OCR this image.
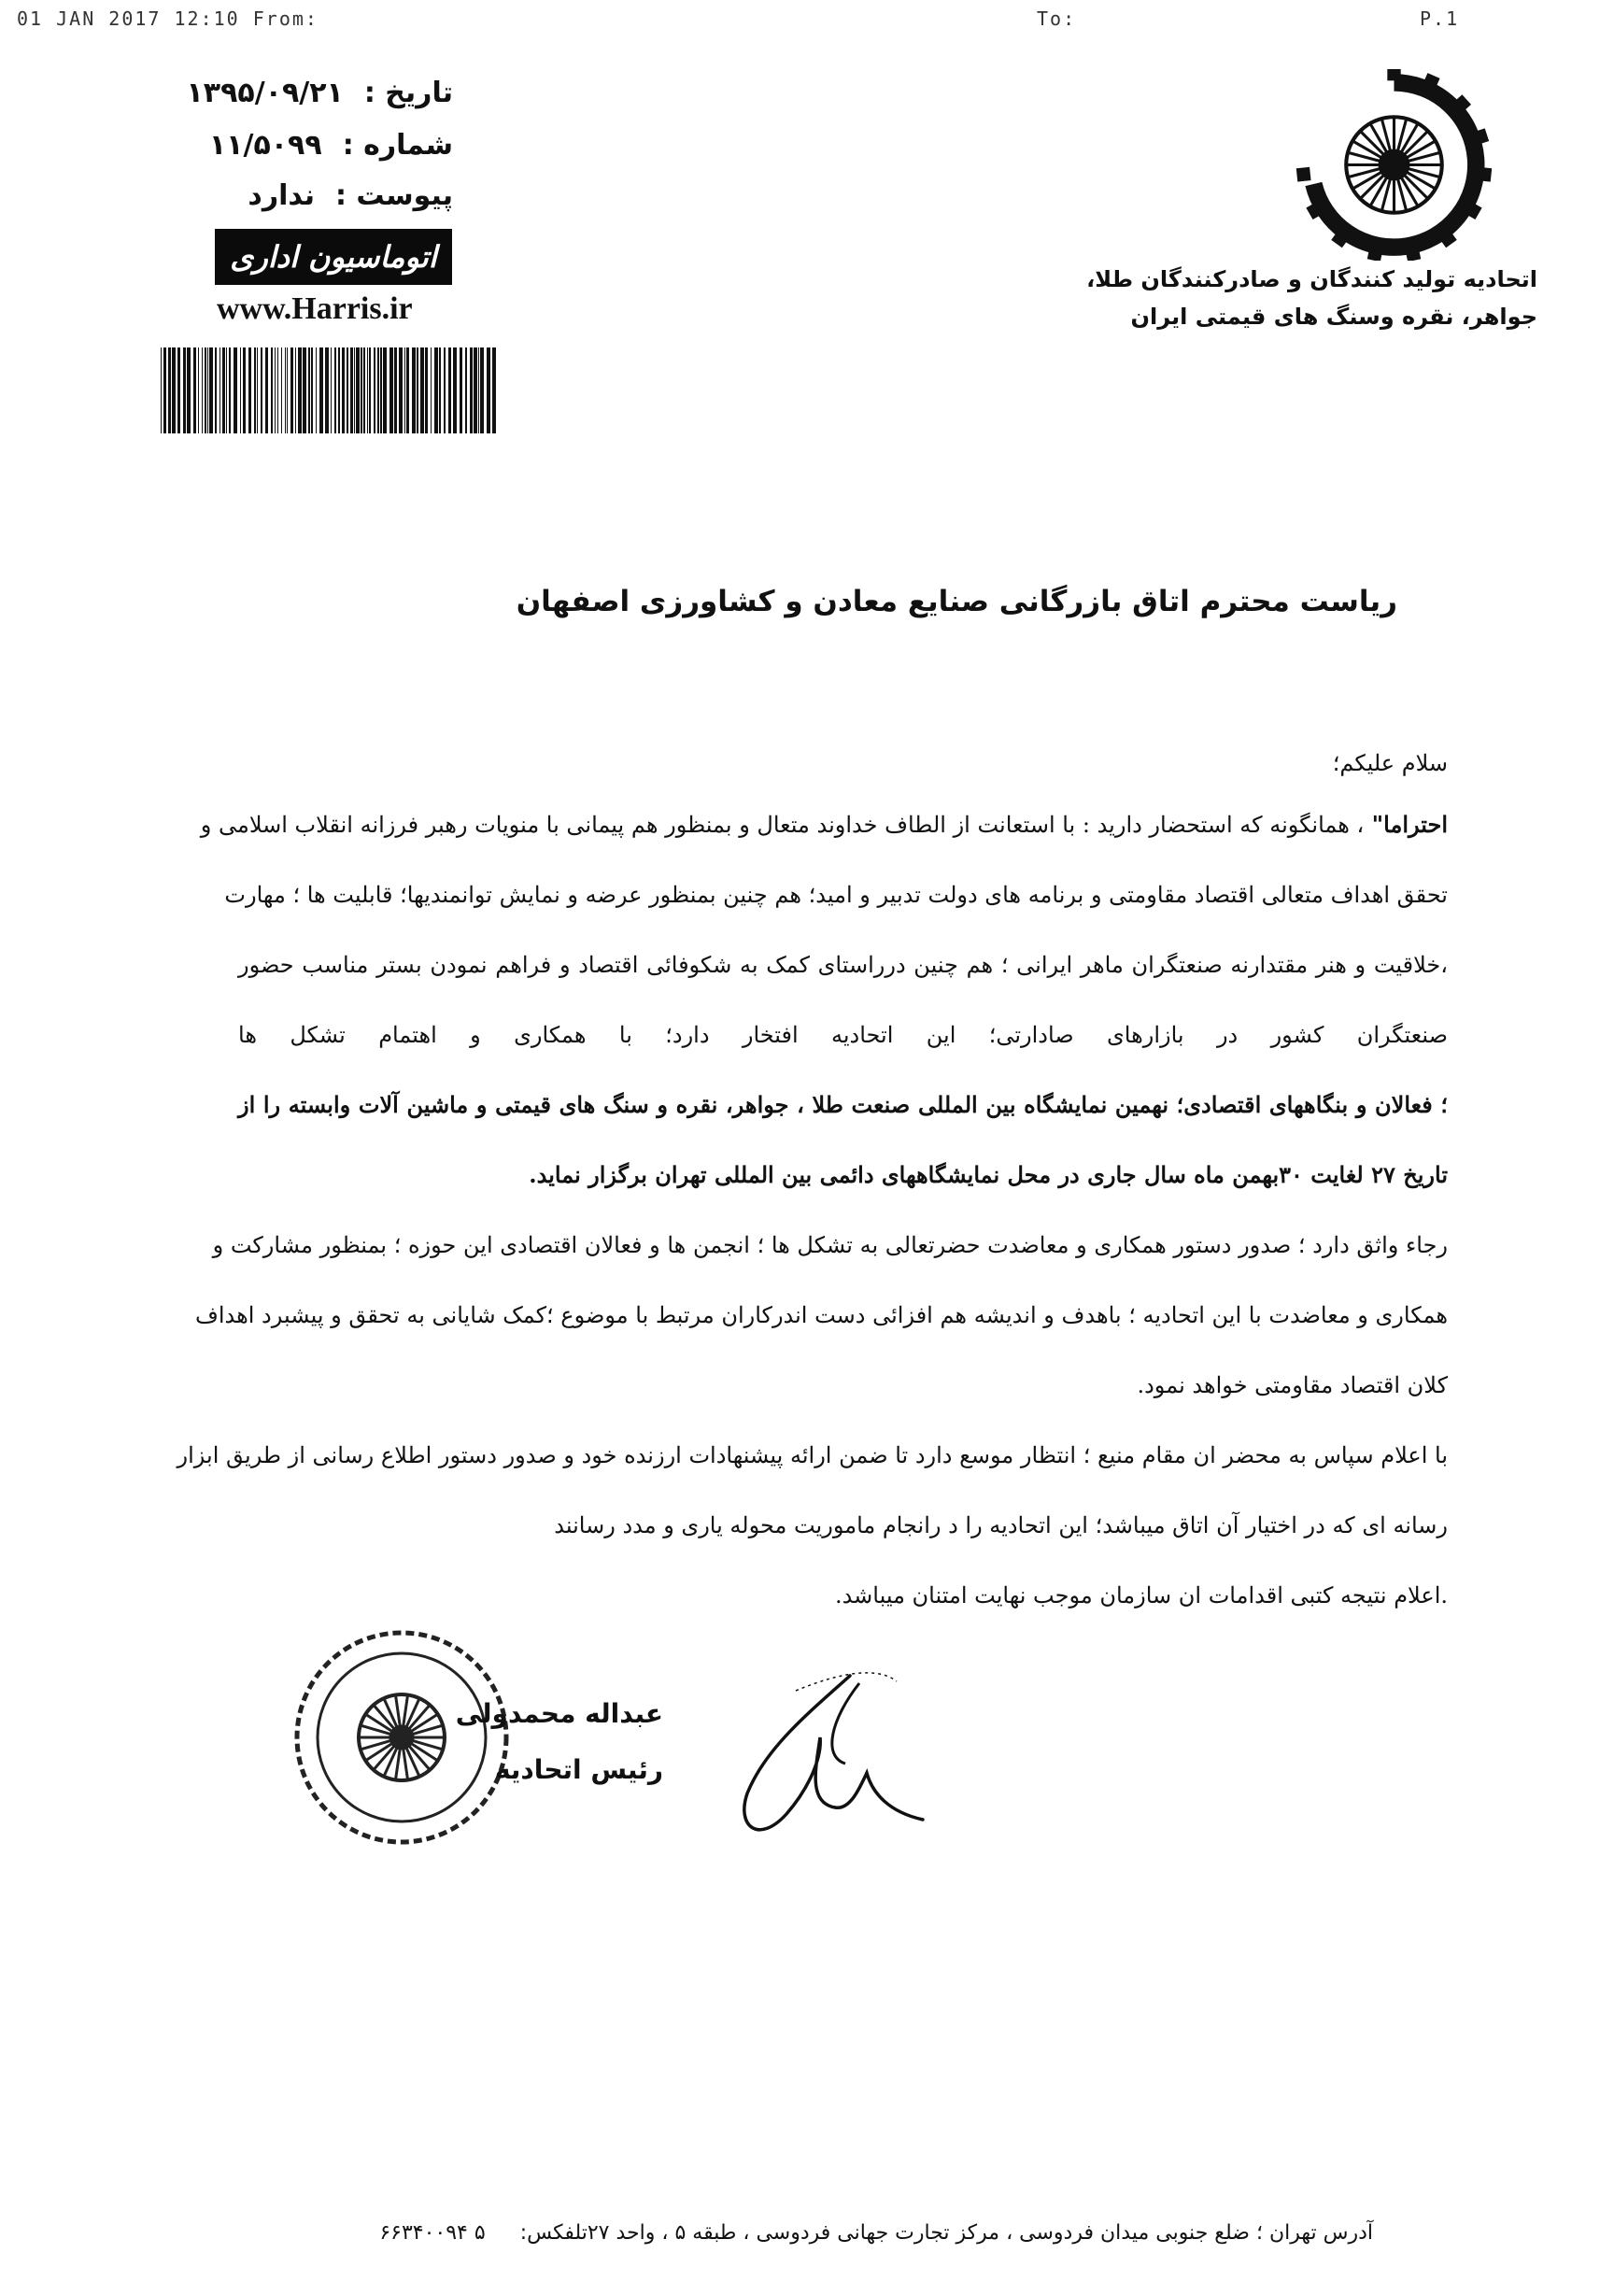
01 JAN 2017 12:10 From:	To:	P.1
تاریخ :۱۳۹۵/۰۹/۲۱
شماره :۱۱/۵۰۹۹
پیوست :ندارد
اتوماسیون اداری
www.Harris.ir
اتحادیه تولید کنندگان و صادرکنندگان طلا،
جواهر، نقره وسنگ های قیمتی ایران
ریاست محترم اتاق بازرگانی صنایع معادن و کشاورزی اصفهان

سلام علیکم؛

احتراما" ، همانگونه که استحضار دارید : با استعانت از الطاف خداوند متعال و بمنظور هم پیمانی با منویات رهبر فرزانه انقلاب اسلامی و

تحقق اهداف متعالی اقتصاد مقاومتی و برنامه های دولت تدبیر و امید؛ هم چنین بمنظور عرضه و نمایش توانمندیها؛ قابلیت ها ؛ مهارت

،خلاقیت و هنر مقتدارنه صنعتگران ماهر ایرانی ؛ هم چنین درراستای کمک به شکوفائی اقتصاد و فراهم نمودن بستر مناسب حضور

صنعتگران کشور در بازارهای صادارتی؛ این اتحادیه افتخار دارد؛ با همکاری و اهتمام تشکل ها

؛ فعالان و بنگاههای اقتصادی؛ نهمین نمایشگاه بین المللی صنعت طلا ، جواهر، نقره و سنگ های قیمتی و ماشین آلات وابسته را از

تاریخ ۲۷ لغایت ۳۰بهمن ماه سال جاری در محل نمایشگاههای دائمی بین المللی تهران برگزار نماید.

رجاء واثق دارد ؛ صدور دستور همکاری و معاضدت حضرتعالی به تشکل ها ؛ انجمن ها و فعالان اقتصادی این حوزه ؛ بمنظور مشارکت و

همکاری و معاضدت با این اتحادیه ؛ باهدف و اندیشه هم افزائی دست اندرکاران مرتبط با موضوع ؛کمک شایانی به تحقق و پیشبرد اهداف

کلان اقتصاد مقاومتی خواهد نمود.

با اعلام سپاس به محضر ان مقام منیع ؛ انتظار موسع دارد تا ضمن ارائه پیشنهادات ارزنده خود و صدور دستور اطلاع رسانی از طریق ابزار

رسانه ای که در اختیار آن اتاق میباشد؛ این اتحادیه را د رانجام ماموریت محوله یاری و مدد رسانند

.اعلام نتیجه کتبی اقدامات ان سازمان موجب نهایت امتنان میباشد.

عبداله محمدولی
رئیس اتحادیه
آدرس تهران ؛ ضلع جنوبی میدان فردوسی ، مرکز تجارت جهانی فردوسی ، طبقه ۵ ، واحد ۲۷تلفکس: ۵ ۶۶۳۴۰۰۹۴
